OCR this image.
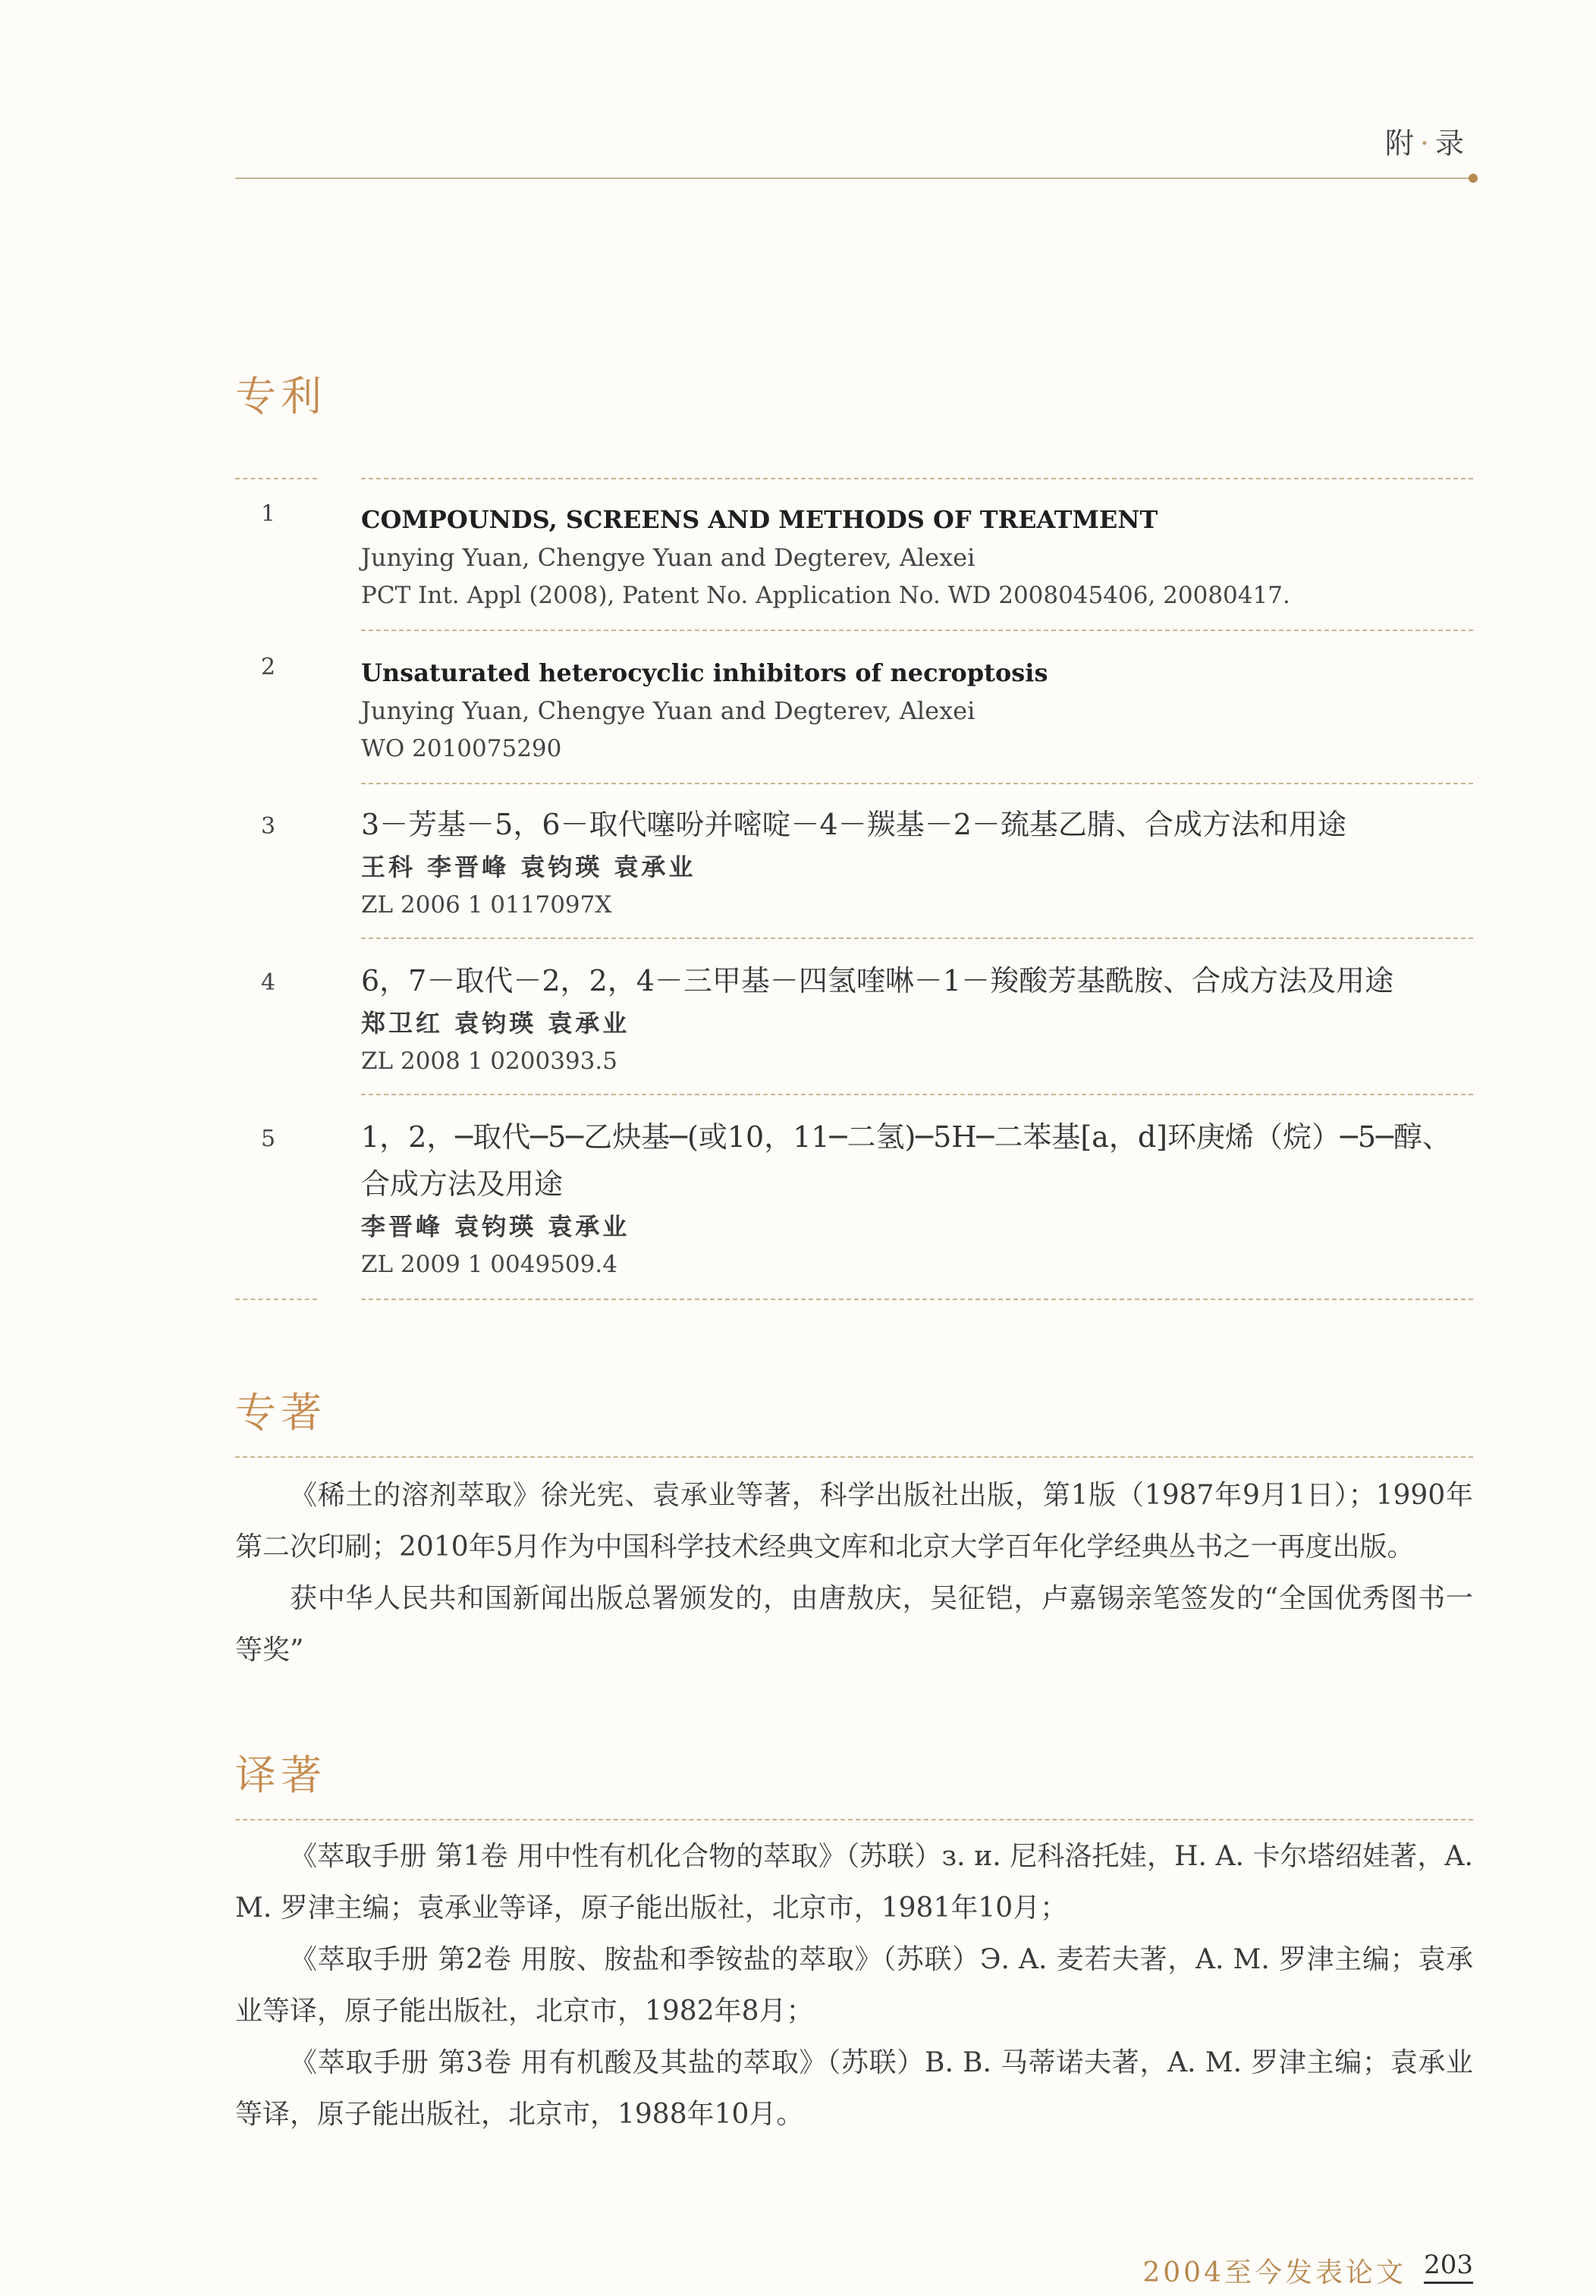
附 · 录
专利
1	COMPOUNDS, SCREENS AND METHODS OF TREATMENT
Junying Yuan, Chengye Yuan and Degterev, Alexei
PCT Int. Appl (2008), Patent No. Application No. WD 2008045406, 20080417.
2	Unsaturated heterocyclic inhibitors of necroptosis
Junying Yuan, Chengye Yuan and Degterev, Alexei
WO 2010075290
3	3－芳基－5，6－取代噻吩并嘧啶－4－羰基－2－巯基乙腈、合成方法和用途
王科 李晋峰 袁钧瑛 袁承业
ZL 2006 1 0117097X
4	6，7－取代－2，2，4－三甲基－四氢喹啉－1－羧酸芳基酰胺、合成方法及用途
郑卫红 袁钧瑛 袁承业
ZL 2008 1 0200393.5
5	1，2，─取代─5─乙炔基─(或10，11─二氢)─5H─二苯基[a，d]环庚烯（烷）─5─醇、合成方法及用途
李晋峰 袁钧瑛 袁承业
ZL 2009 1 0049509.4
专著
《稀土的溶剂萃取》徐光宪、袁承业等著，科学出版社出版，第1版（1987年9月1日）；1990年第二次印刷；2010年5月作为中国科学技术经典文库和北京大学百年化学经典丛书之一再度出版。
获中华人民共和国新闻出版总署颁发的，由唐敖庆，吴征铠，卢嘉锡亲笔签发的“全国优秀图书一等奖”
译著
《萃取手册 第1卷 用中性有机化合物的萃取》（苏联）з. и. 尼科洛托娃，H. A. 卡尔塔绍娃著，A. M. 罗津主编；袁承业等译，原子能出版社，北京市，1981年10月；
《萃取手册 第2卷 用胺、胺盐和季铵盐的萃取》（苏联）Э. A. 麦若夫著，A. M. 罗津主编；袁承业等译，原子能出版社，北京市，1982年8月；
《萃取手册 第3卷 用有机酸及其盐的萃取》（苏联）B. B. 马蒂诺夫著，A. M. 罗津主编；袁承业等译，原子能出版社，北京市，1988年10月。
2004至今发表论文 203
